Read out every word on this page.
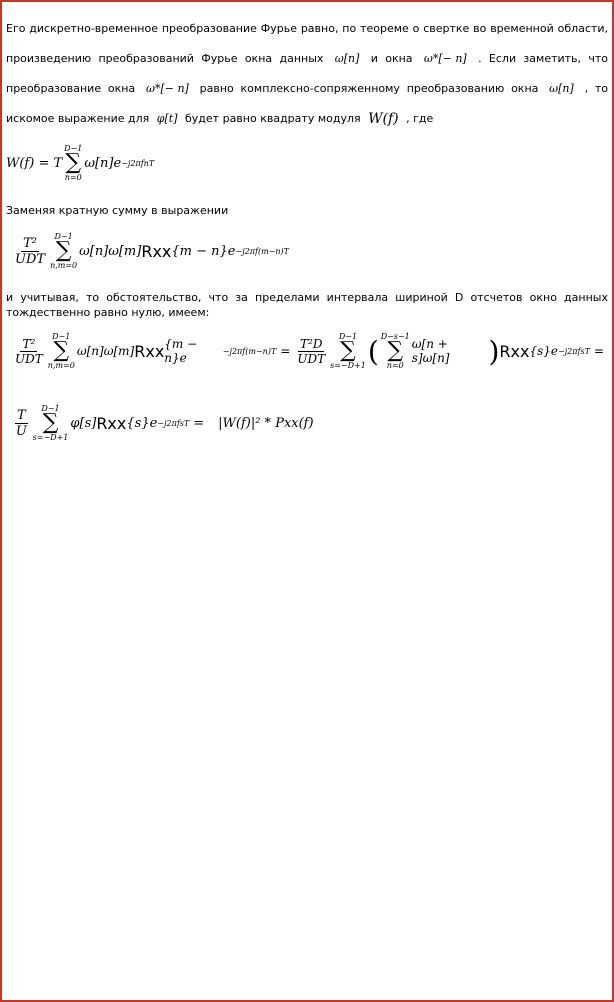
Его дискретно-временное преобразование Фурье равно, по теореме о свертке во временной области, произведению преобразований Фурье окна данных ω[n] и окна ω*[− n] . Если заметить, что преобразование окна ω*[− n] равно комплексно-сопряженному преобразованию окна ω[n] , то искомое выражение для φ[t] будет равно квадрату модуля W(f) , где

W(f) = T
D−1
∑
n=0
ω[n]e −j2πfnT

Заменяя кратную сумму в выражении

$\frac{\text{T²}}{\text{UDT}} D-1$
∑
n,m=0
ω[n]ω[m] Rxx {m − n}e −j2πf(m−n)T

и учитывая, то обстоятельство, что за пределами интервала шириной D отсчетов окно данных тождественно равно нулю, имеем:

$\frac{\text{T²}}{\text{UDT}} D-1$
∑
n,m=0
ω[n]ω[m] Rxx {m − n}e	$-j2\pi f(m-n)T = \frac{\text{T²D}}{\text{UDT}} D-1$
∑
s=−D+1 ( D−s−1
∑
n=0
ω[n + s]ω[n]	) Rxx {s}e −j2πfsT =
$\frac{T}{U} D-1$
∑
s=−D+1
φ[s] Rxx {s}e −j2πfsT = |W(f)|² * Pxx(f)
